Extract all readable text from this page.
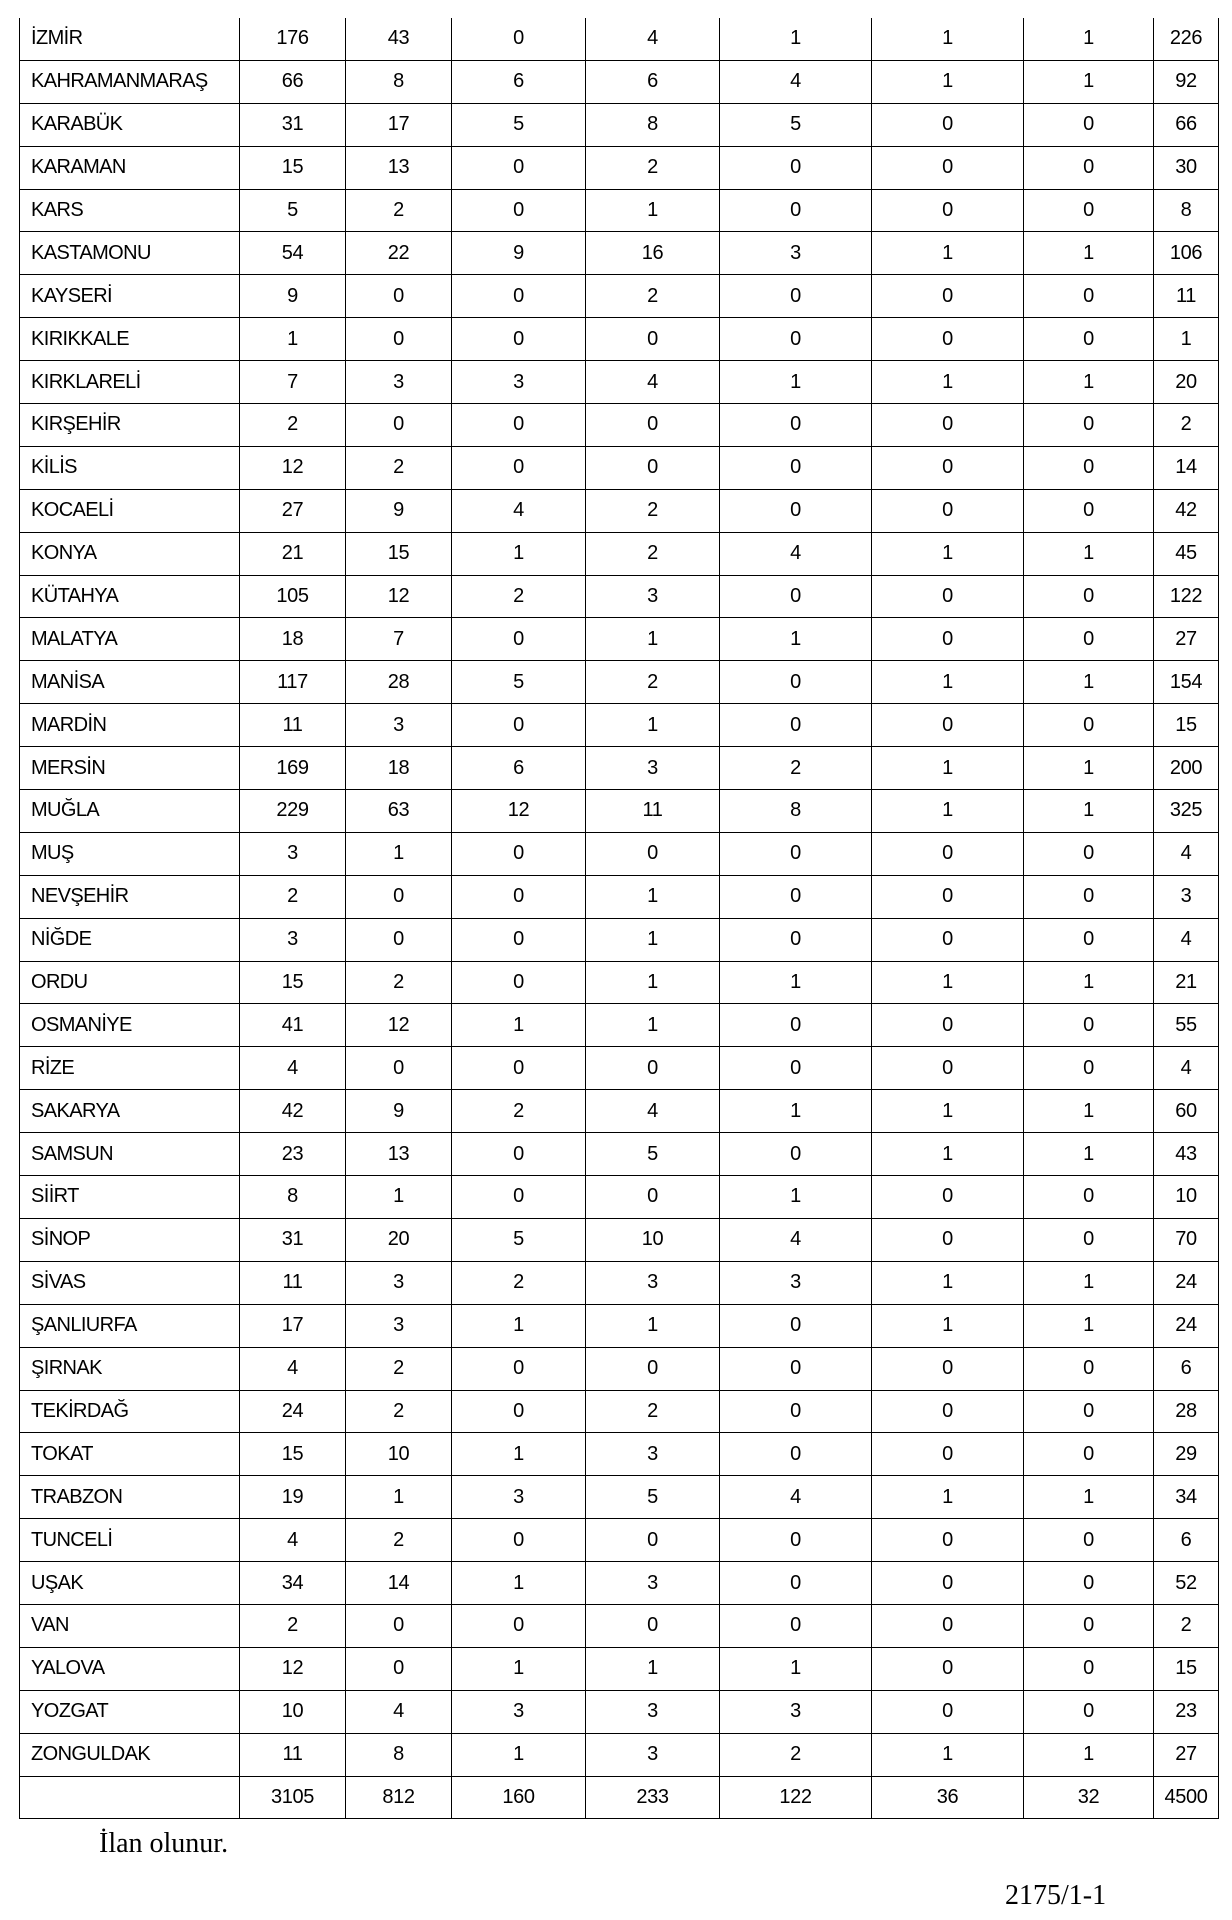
İZMİR	176	43	0	4	1	1	1	226
KAHRAMANMARAŞ	66	8	6	6	4	1	1	92
KARABÜK	31	17	5	8	5	0	0	66
KARAMAN	15	13	0	2	0	0	0	30
KARS	5	2	0	1	0	0	0	8
KASTAMONU	54	22	9	16	3	1	1	106
KAYSERİ	9	0	0	2	0	0	0	11
KIRIKKALE	1	0	0	0	0	0	0	1
KIRKLARELİ	7	3	3	4	1	1	1	20
KIRŞEHİR	2	0	0	0	0	0	0	2
KİLİS	12	2	0	0	0	0	0	14
KOCAELİ	27	9	4	2	0	0	0	42
KONYA	21	15	1	2	4	1	1	45
KÜTAHYA	105	12	2	3	0	0	0	122
MALATYA	18	7	0	1	1	0	0	27
MANİSA	117	28	5	2	0	1	1	154
MARDİN	11	3	0	1	0	0	0	15
MERSİN	169	18	6	3	2	1	1	200
MUĞLA	229	63	12	11	8	1	1	325
MUŞ	3	1	0	0	0	0	0	4
NEVŞEHİR	2	0	0	1	0	0	0	3
NİĞDE	3	0	0	1	0	0	0	4
ORDU	15	2	0	1	1	1	1	21
OSMANİYE	41	12	1	1	0	0	0	55
RİZE	4	0	0	0	0	0	0	4
SAKARYA	42	9	2	4	1	1	1	60
SAMSUN	23	13	0	5	0	1	1	43
SİİRT	8	1	0	0	1	0	0	10
SİNOP	31	20	5	10	4	0	0	70
SİVAS	11	3	2	3	3	1	1	24
ŞANLIURFA	17	3	1	1	0	1	1	24
ŞIRNAK	4	2	0	0	0	0	0	6
TEKİRDAĞ	24	2	0	2	0	0	0	28
TOKAT	15	10	1	3	0	0	0	29
TRABZON	19	1	3	5	4	1	1	34
TUNCELİ	4	2	0	0	0	0	0	6
UŞAK	34	14	1	3	0	0	0	52
VAN	2	0	0	0	0	0	0	2
YALOVA	12	0	1	1	1	0	0	15
YOZGAT	10	4	3	3	3	0	0	23
ZONGULDAK	11	8	1	3	2	1	1	27
	3105	812	160	233	122	36	32	4500
İlan olunur.
2175/1-1
